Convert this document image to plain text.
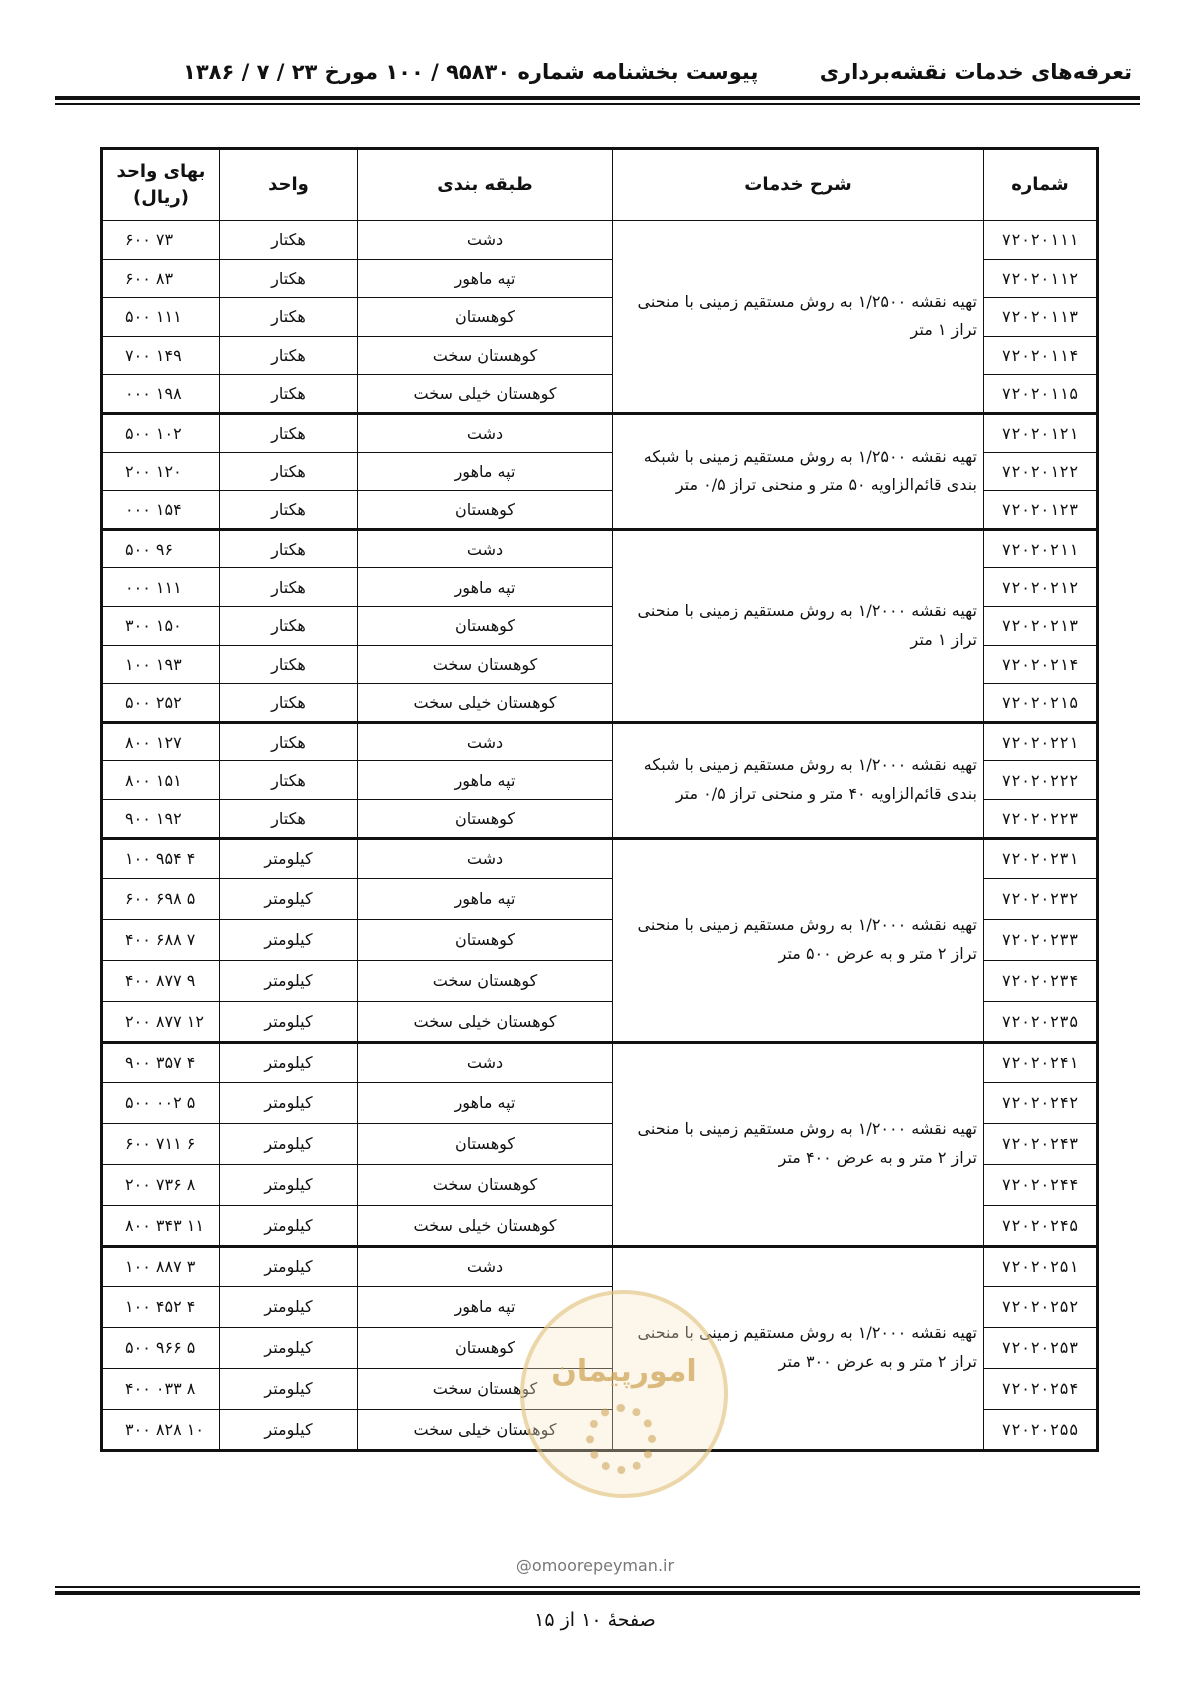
تعرفه‌های خدمات نقشه‌برداری
پیوست بخشنامه شماره ۹۵۸۳۰ / ۱۰۰ مورخ ۲۳ / ۷ / ۱۳۸۶
شماره	شرح خدمات	طبقه بندی	واحد	بهای واحد
(ریال)
۷۲۰۲۰۱۱۱	تهیه نقشه ۱/۲۵۰۰ به روش مستقیم زمینی با منحنی تراز ۱ متر	دشت	هکتار	۷۳ ۶۰۰
۷۲۰۲۰۱۱۲		تپه ماهور	هکتار	۸۳ ۶۰۰
۷۲۰۲۰۱۱۳		کوهستان	هکتار	۱۱۱ ۵۰۰
۷۲۰۲۰۱۱۴		کوهستان سخت	هکتار	۱۴۹ ۷۰۰
۷۲۰۲۰۱۱۵		کوهستان خیلی سخت	هکتار	۱۹۸ ۰۰۰
۷۲۰۲۰۱۲۱	تهیه نقشه ۱/۲۵۰۰ به روش مستقیم زمینی با شبکه بندی قائم‌الزاویه ۵۰ متر و منحنی تراز ۰/۵ متر	دشت	هکتار	۱۰۲ ۵۰۰
۷۲۰۲۰۱۲۲		تپه ماهور	هکتار	۱۲۰ ۲۰۰
۷۲۰۲۰۱۲۳		کوهستان	هکتار	۱۵۴ ۰۰۰
۷۲۰۲۰۲۱۱	تهیه نقشه ۱/۲۰۰۰ به روش مستقیم زمینی با منحنی تراز ۱ متر	دشت	هکتار	۹۶ ۵۰۰
۷۲۰۲۰۲۱۲		تپه ماهور	هکتار	۱۱۱ ۰۰۰
۷۲۰۲۰۲۱۳		کوهستان	هکتار	۱۵۰ ۳۰۰
۷۲۰۲۰۲۱۴		کوهستان سخت	هکتار	۱۹۳ ۱۰۰
۷۲۰۲۰۲۱۵		کوهستان خیلی سخت	هکتار	۲۵۲ ۵۰۰
۷۲۰۲۰۲۲۱	تهیه نقشه ۱/۲۰۰۰ به روش مستقیم زمینی با شبکه بندی قائم‌الزاویه ۴۰ متر و منحنی تراز ۰/۵ متر	دشت	هکتار	۱۲۷ ۸۰۰
۷۲۰۲۰۲۲۲		تپه ماهور	هکتار	۱۵۱ ۸۰۰
۷۲۰۲۰۲۲۳		کوهستان	هکتار	۱۹۲ ۹۰۰
۷۲۰۲۰۲۳۱	تهیه نقشه ۱/۲۰۰۰ به روش مستقیم زمینی با منحنی تراز ۲ متر و به عرض ۵۰۰ متر	دشت	کیلومتر	۴ ۹۵۴ ۱۰۰
۷۲۰۲۰۲۳۲		تپه ماهور	کیلومتر	۵ ۶۹۸ ۶۰۰
۷۲۰۲۰۲۳۳		کوهستان	کیلومتر	۷ ۶۸۸ ۴۰۰
۷۲۰۲۰۲۳۴		کوهستان سخت	کیلومتر	۹ ۸۷۷ ۴۰۰
۷۲۰۲۰۲۳۵		کوهستان خیلی سخت	کیلومتر	۱۲ ۸۷۷ ۲۰۰
۷۲۰۲۰۲۴۱	تهیه نقشه ۱/۲۰۰۰ به روش مستقیم زمینی با منحنی تراز ۲ متر و به عرض ۴۰۰ متر	دشت	کیلومتر	۴ ۳۵۷ ۹۰۰
۷۲۰۲۰۲۴۲		تپه ماهور	کیلومتر	۵ ۰۰۲ ۵۰۰
۷۲۰۲۰۲۴۳		کوهستان	کیلومتر	۶ ۷۱۱ ۶۰۰
۷۲۰۲۰۲۴۴		کوهستان سخت	کیلومتر	۸ ۷۳۶ ۲۰۰
۷۲۰۲۰۲۴۵		کوهستان خیلی سخت	کیلومتر	۱۱ ۳۴۳ ۸۰۰
۷۲۰۲۰۲۵۱	تهیه نقشه ۱/۲۰۰۰ به روش مستقیم زمینی با منحنی تراز ۲ متر و به عرض ۳۰۰ متر	دشت	کیلومتر	۳ ۸۸۷ ۱۰۰
۷۲۰۲۰۲۵۲		تپه ماهور	کیلومتر	۴ ۴۵۲ ۱۰۰
۷۲۰۲۰۲۵۳		کوهستان	کیلومتر	۵ ۹۶۶ ۵۰۰
۷۲۰۲۰۲۵۴		کوهستان سخت	کیلومتر	۸ ۰۳۳ ۴۰۰
۷۲۰۲۰۲۵۵		کوهستان خیلی سخت	کیلومتر	۱۰ ۸۲۸ ۳۰۰
امورپیمان
@omoorepeyman.ir
صفحهٔ ۱۰ از ۱۵
